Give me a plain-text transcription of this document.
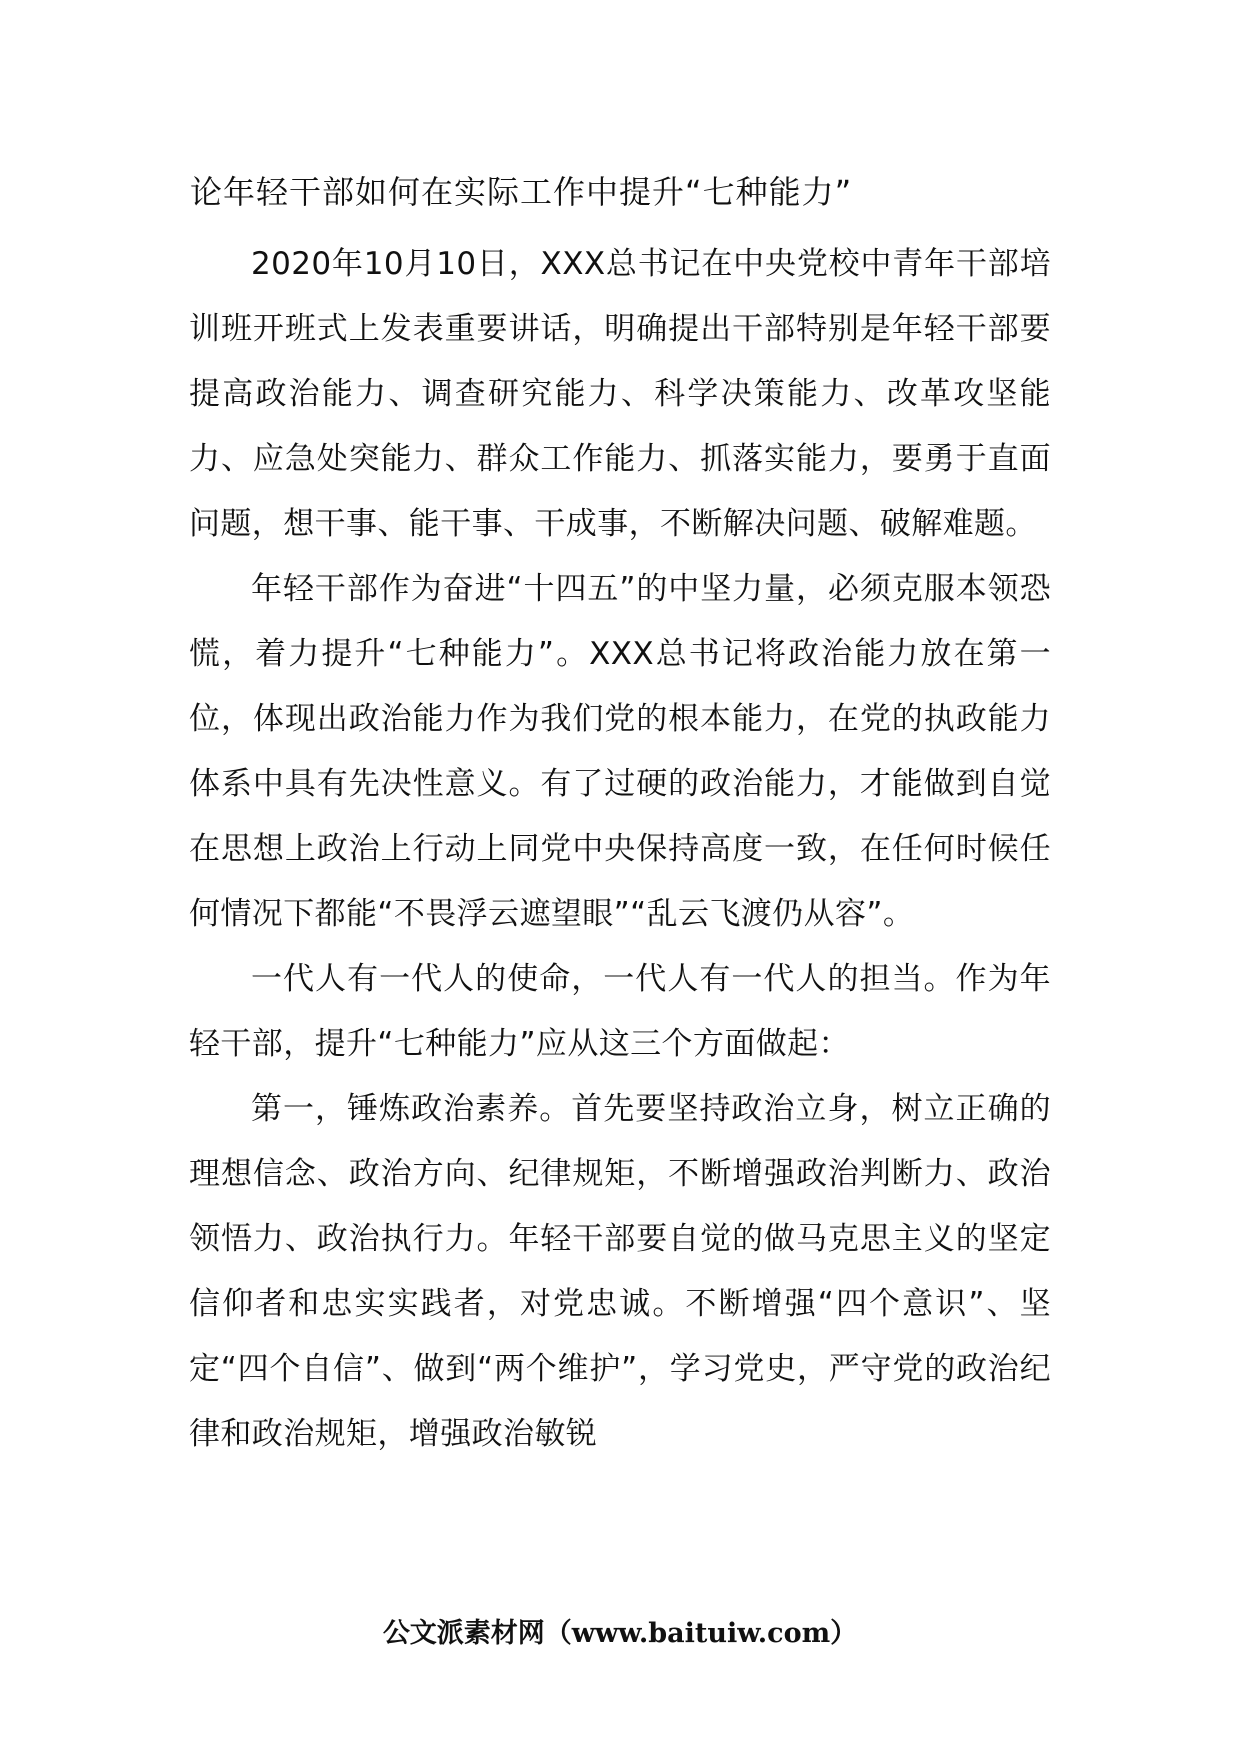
论年轻干部如何在实际工作中提升“七种能力”

2020年10月10日，XXX总书记在中央党校中青年干部培训班开班式上发表重要讲话，明确提出干部特别是年轻干部要提高政治能力、调查研究能力、科学决策能力、改革攻坚能力、应急处突能力、群众工作能力、抓落实能力，要勇于直面问题，想干事、能干事、干成事，不断解决问题、破解难题。

年轻干部作为奋进“十四五”的中坚力量，必须克服本领恐慌，着力提升“七种能力”。XXX总书记将政治能力放在第一位，体现出政治能力作为我们党的根本能力，在党的执政能力体系中具有先决性意义。有了过硬的政治能力，才能做到自觉在思想上政治上行动上同党中央保持高度一致，在任何时候任何情况下都能“不畏浮云遮望眼”“乱云飞渡仍从容”。

一代人有一代人的使命，一代人有一代人的担当。作为年轻干部，提升“七种能力”应从这三个方面做起：

第一，锤炼政治素养。首先要坚持政治立身，树立正确的理想信念、政治方向、纪律规矩，不断增强政治判断力、政治领悟力、政治执行力。年轻干部要自觉的做马克思主义的坚定信仰者和忠实实践者，对党忠诚。不断增强“四个意识”、坚定“四个自信”、做到“两个维护”，学习党史，严守党的政治纪律和政治规矩，增强政治敏锐

公文派素材网（www.baituiw.com）
